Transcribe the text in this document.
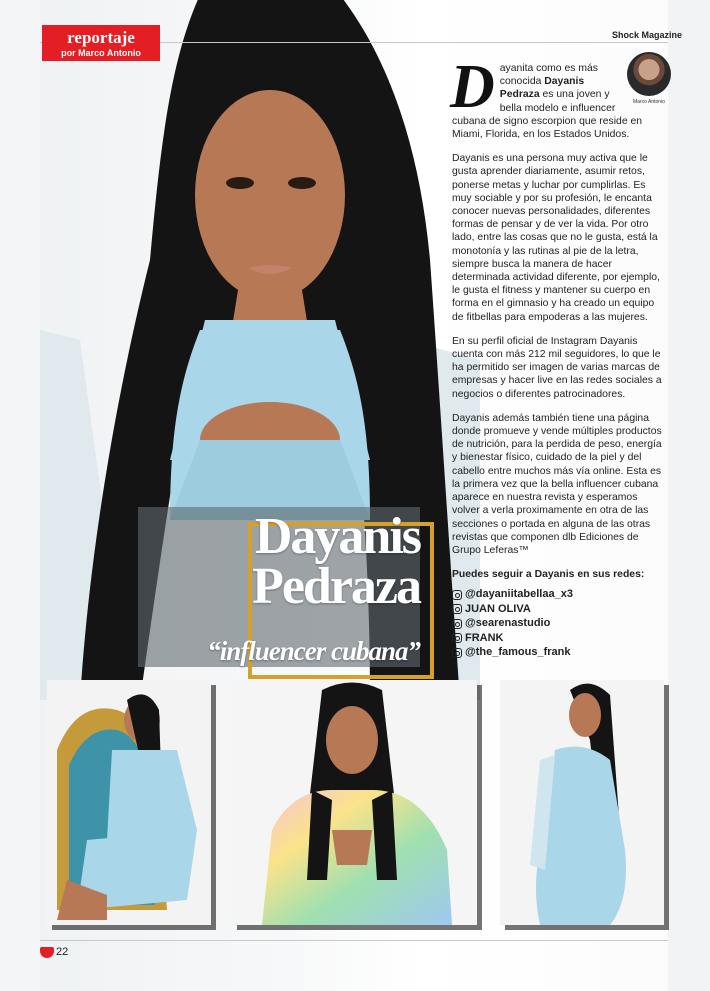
reportaje
por Marco Antonio
Shock Magazine
Marco Antonio

Dayanita como es más conocida Dayanis Pedraza es una joven y bella modelo e influencer cubana de signo escorpion que reside en Miami, Florida, en los Estados Unidos.

Dayanis es una persona muy activa que le gusta aprender diariamente, asumir retos, ponerse metas y luchar por cumplirlas. Es muy sociable y por su profesión, le encanta conocer nuevas personalidades, diferentes formas de pensar y de ver la vida. Por otro lado, entre las cosas que no le gusta, está la monotonía y las rutinas al pie de la letra, siempre busca la manera de hacer determinada actividad diferente, por ejemplo, le gusta el fitness y mantener su cuerpo en forma en el gimnasio y ha creado un equipo de fitbellas para empoderas a las mujeres.

En su perfil oficial de Instagram Dayanis cuenta con más 212 mil seguidores, lo que le ha permitido ser imagen de varias marcas de empresas y hacer live en las redes sociales a negocios o diferentes patrocinadores.

Dayanis además también tiene una página donde promueve y vende múltiples productos de nutrición, para la perdida de peso, energía y bienestar físico, cuidado de la piel y del cabello entre muchos más vía online. Esta es la primera vez que la bella influencer cubana aparece en nuestra revista y esperamos volver a verla proximamente en otra de las secciones o portada en alguna de las otras revistas que componen dlb Ediciones de Grupo Leferas™

Puedes seguir a Dayanis en sus redes:
@dayaniitabellaa_x3
JUAN OLIVA
@searenastudio
FRANK
@the_famous_frank
Dayanis
Pedraza
“influencer cubana”
22
